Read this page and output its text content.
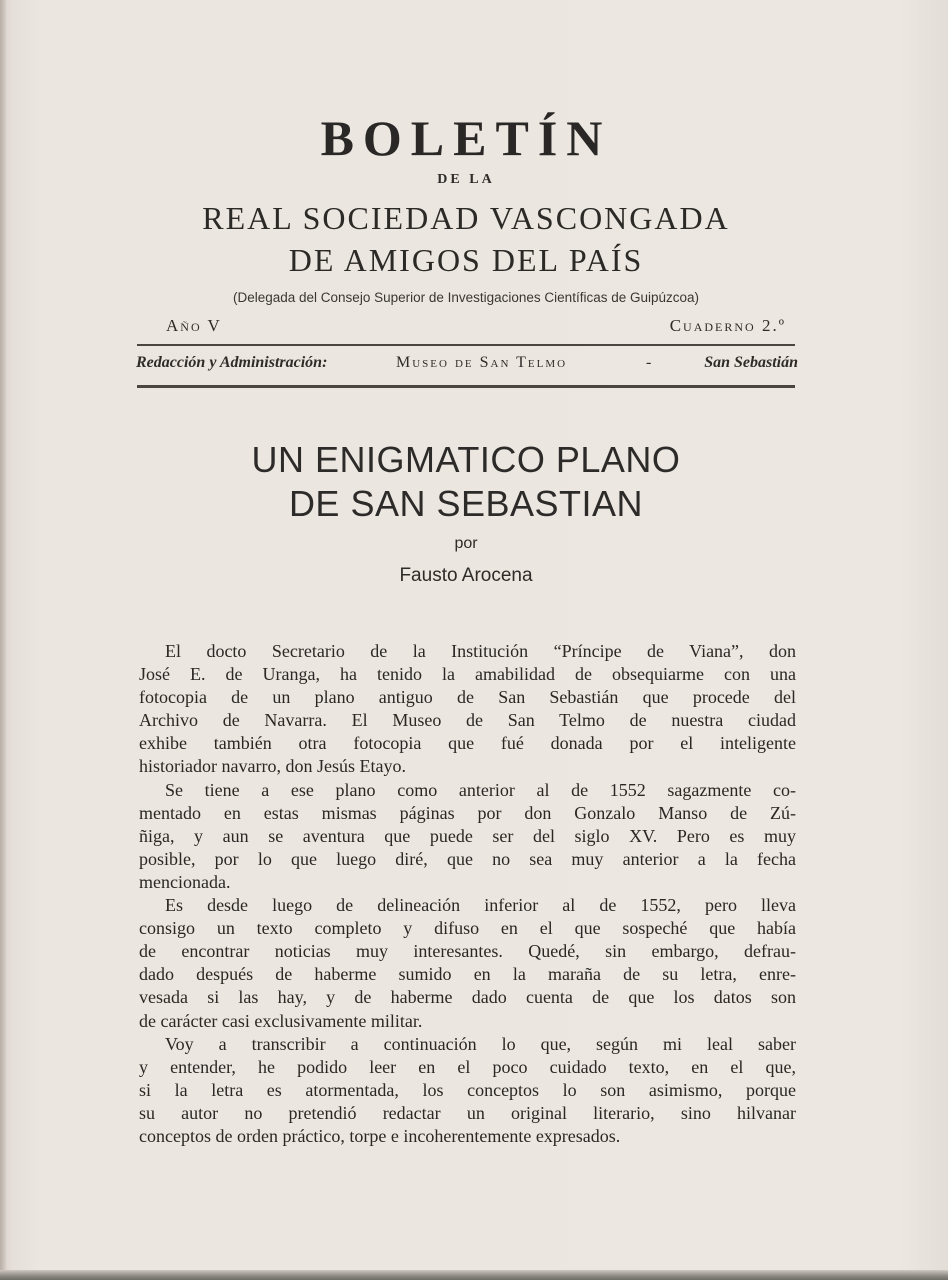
BOLETÍN
DE LA
REAL SOCIEDAD VASCONGADA
DE AMIGOS DEL PAÍS
(Delegada del Consejo Superior de Investigaciones Científicas de Guipúzcoa)
Año V	Cuaderno 2.º
Redacción y Administración:	Museo de San Telmo	-	San Sebastián
UN ENIGMATICO PLANO
DE SAN SEBASTIAN
por
Fausto Arocena
El docto Secretario de la Institución “Príncipe de Viana”, don
José E. de Uranga, ha tenido la amabilidad de obsequiarme con una
fotocopia de un plano antiguo de San Sebastián que procede del
Archivo de Navarra. El Museo de San Telmo de nuestra ciudad
exhibe también otra fotocopia que fué donada por el inteligente
historiador navarro, don Jesús Etayo.
Se tiene a ese plano como anterior al de 1552 sagazmente co-
mentado en estas mismas páginas por don Gonzalo Manso de Zú-
ñiga, y aun se aventura que puede ser del siglo XV. Pero es muy
posible, por lo que luego diré, que no sea muy anterior a la fecha
mencionada.
Es desde luego de delineación inferior al de 1552, pero lleva
consigo un texto completo y difuso en el que sospeché que había
de encontrar noticias muy interesantes. Quedé, sin embargo, defrau-
dado después de haberme sumido en la maraña de su letra, enre-
vesada si las hay, y de haberme dado cuenta de que los datos son
de carácter casi exclusivamente militar.
Voy a transcribir a continuación lo que, según mi leal saber
y entender, he podido leer en el poco cuidado texto, en el que,
si la letra es atormentada, los conceptos lo son asimismo, porque
su autor no pretendió redactar un original literario, sino hilvanar
conceptos de orden práctico, torpe e incoherentemente expresados.
